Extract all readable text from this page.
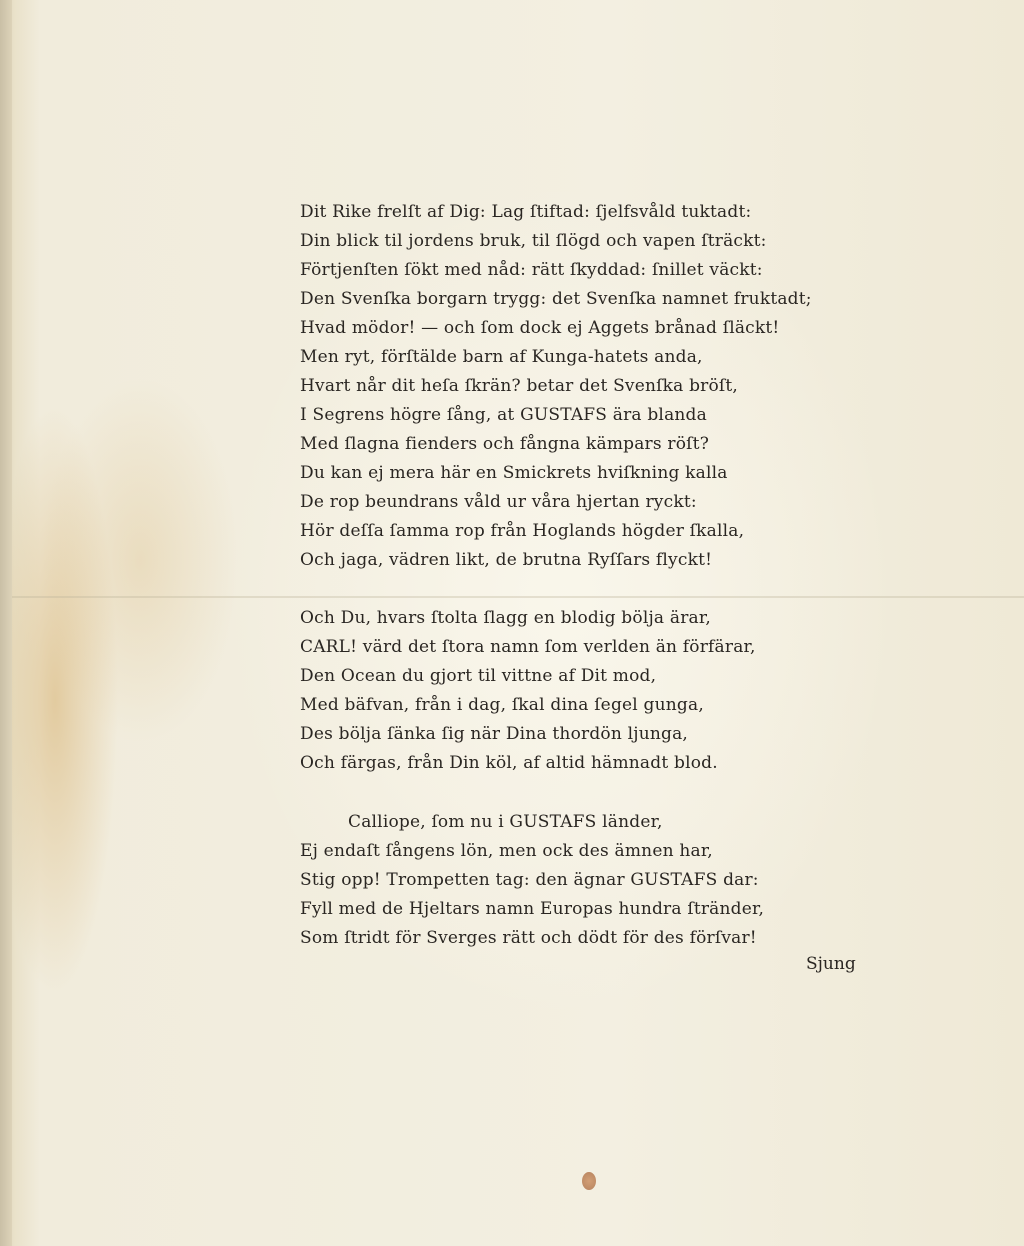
Dit Rike frelſt af Dig: Lag ſtiftad: ſjelfsvåld tuktadt:
Din blick til jordens bruk, til ſlögd och vapen ſträckt:
Förtjenſten ſökt med nåd: rätt ſkyddad: ſnillet väckt:
Den Svenſka borgarn trygg: det Svenſka namnet fruktadt;
Hvad mödor! — och ſom dock ej Aggets brånad ſläckt!
Men ryt, förſtälde barn af Kunga-hatets anda,
Hvart når dit heſa ſkrän? betar det Svenſka bröſt,
I Segrens högre ſång, at GUSTAFS ära blanda
Med ſlagna fienders och fångna kämpars röſt?
Du kan ej mera här en Smickrets hviſkning kalla
De rop beundrans våld ur våra hjertan ryckt:
Hör deſſa ſamma rop från Hoglands högder ſkalla,
Och jaga, vädren likt, de brutna Ryſſars flyckt!
Och Du, hvars ſtolta ſlagg en blodig bölja ärar,
CARL! värd det ſtora namn ſom verlden än förfärar,
Den Ocean du gjort til vittne af Dit mod,
Med bäfvan, från i dag, ſkal dina ſegel gunga,
Des bölja ſänka ſig när Dina thordön ljunga,
Och färgas, från Din köl, af altid hämnadt blod.
Calliope, ſom nu i GUSTAFS länder,
Ej endaſt ſångens lön, men ock des ämnen har,
Stig opp! Trompetten tag: den ägnar GUSTAFS dar:
Fyll med de Hjeltars namn Europas hundra ſtränder,
Som ſtridt för Sverges rätt och dödt för des förſvar!
Sjung
